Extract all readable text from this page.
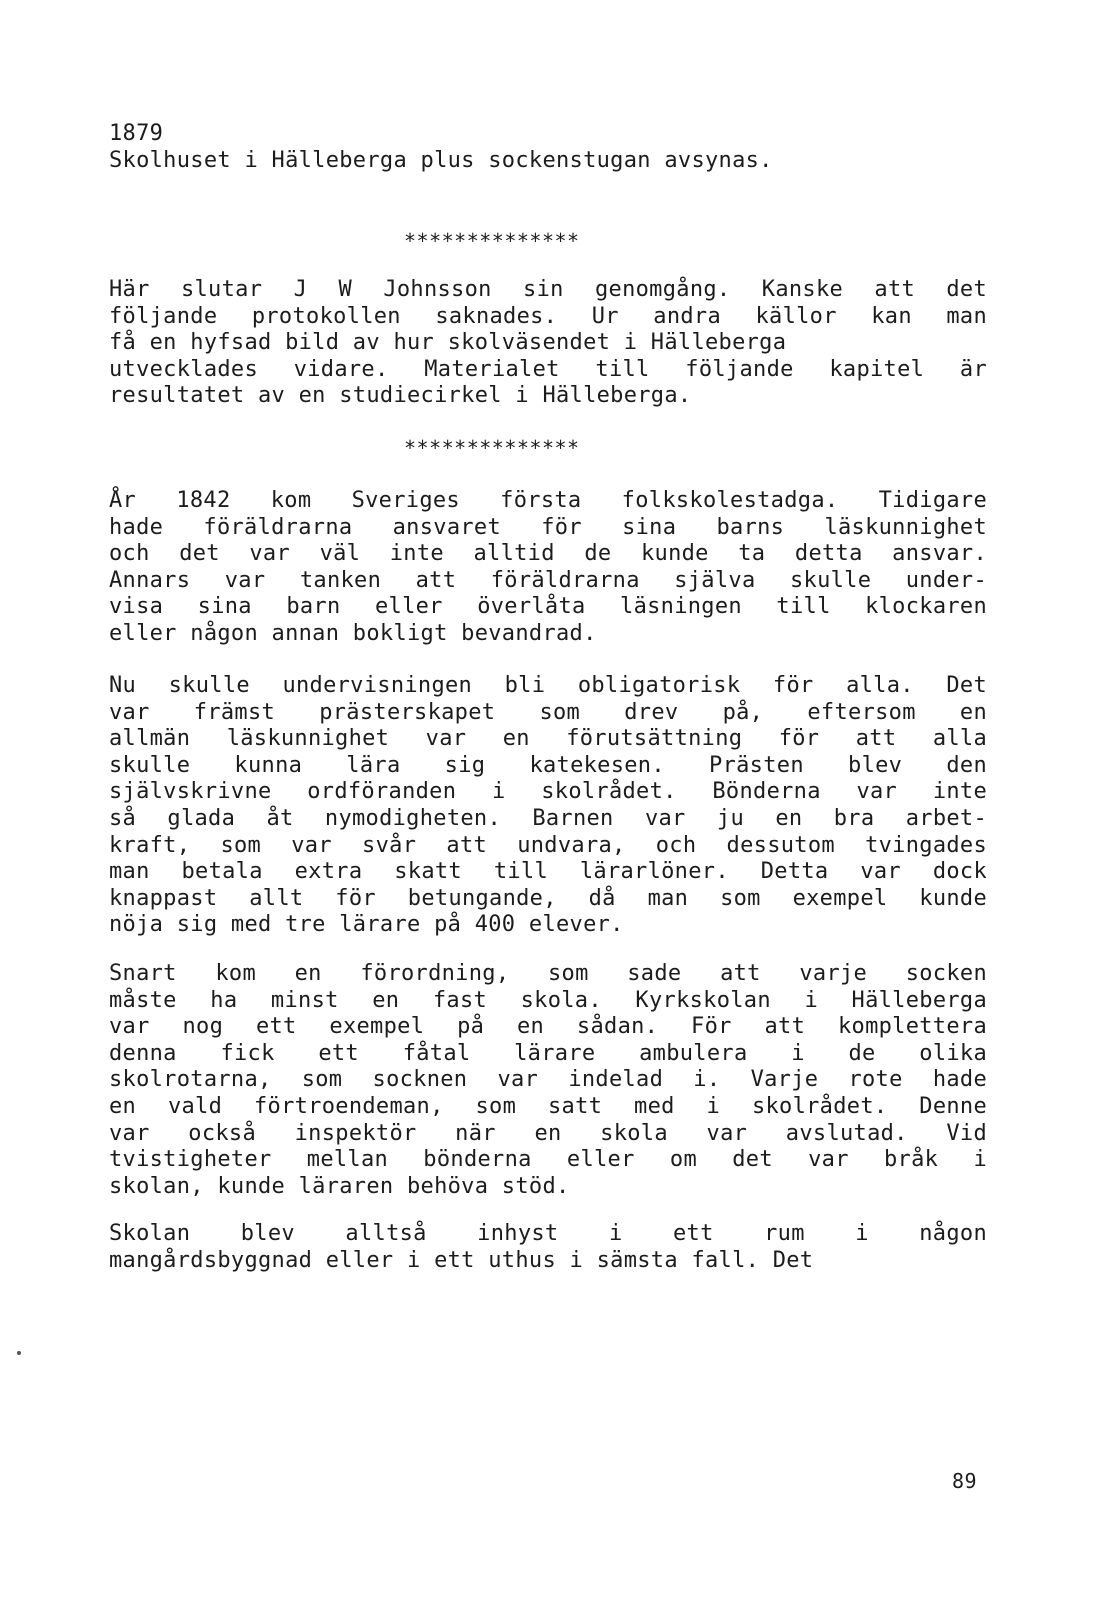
1879
Skolhuset i Hälleberga plus sockenstugan avsynas.
**************
Här slutar J W Johnsson sin genomgång. Kanske att det
följande protokollen saknades. Ur andra källor kan man
få en hyfsad bild av hur skolväsendet i Hälleberga
utvecklades vidare. Materialet till följande kapitel är
resultatet av en studiecirkel i Hälleberga.
**************
År 1842 kom Sveriges första folkskolestadga. Tidigare
hade föräldrarna ansvaret för sina barns läskunnighet
och det var väl inte alltid de kunde ta detta ansvar.
Annars var tanken att föräldrarna själva skulle under-
visa sina barn eller överlåta läsningen till klockaren
eller någon annan bokligt bevandrad.
Nu skulle undervisningen bli obligatorisk för alla. Det
var främst prästerskapet som drev på, eftersom en
allmän läskunnighet var en förutsättning för att alla
skulle kunna lära sig katekesen. Prästen blev den
självskrivne ordföranden i skolrådet. Bönderna var inte
så glada åt nymodigheten. Barnen var ju en bra arbet-
kraft, som var svår att undvara, och dessutom tvingades
man betala extra skatt till lärarlöner. Detta var dock
knappast allt för betungande, då man som exempel kunde
nöja sig med tre lärare på 400 elever.
Snart kom en förordning, som sade att varje socken
måste ha minst en fast skola. Kyrkskolan i Hälleberga
var nog ett exempel på en sådan. För att komplettera
denna fick ett fåtal lärare ambulera i de olika
skolrotarna, som socknen var indelad i. Varje rote hade
en vald förtroendeman, som satt med i skolrådet. Denne
var också inspektör när en skola var avslutad. Vid
tvistigheter mellan bönderna eller om det var bråk i
skolan, kunde läraren behöva stöd.
Skolan blev alltså inhyst i ett rum i någon
mangårdsbyggnad eller i ett uthus i sämsta fall. Det
89
